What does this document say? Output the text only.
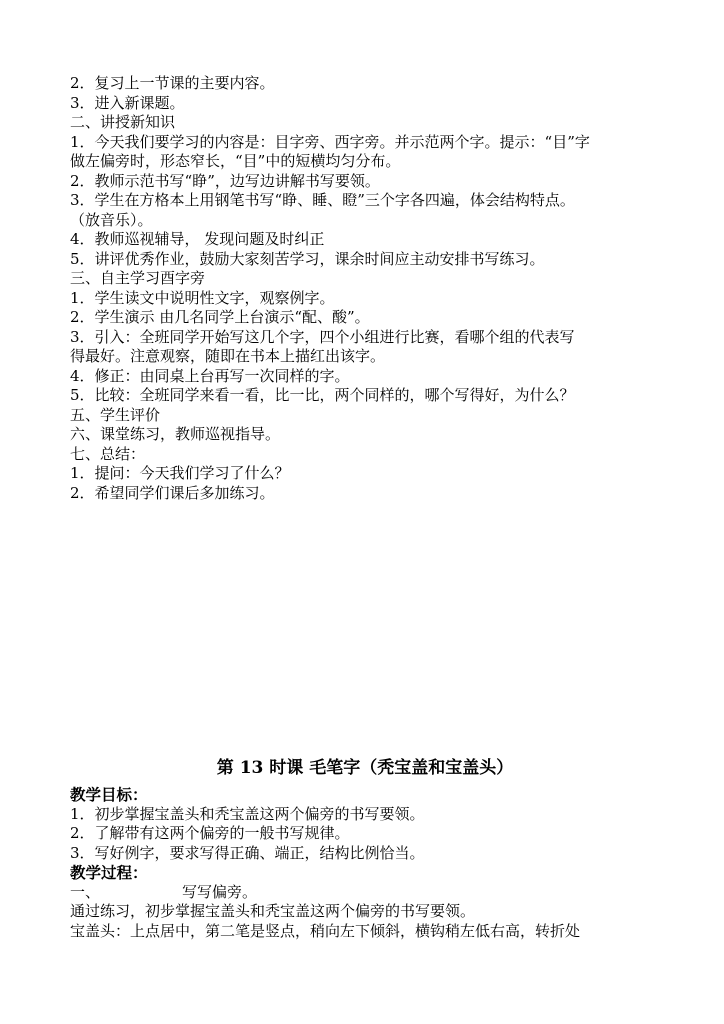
2．复习上一节课的主要内容。

3．进入新课题。

二、讲授新知识

1．今天我们要学习的内容是：目字旁、西字旁。并示范两个字。提示：“目”字

做左偏旁时，形态窄长，“目”中的短横均匀分布。

2．教师示范书写“睁”，边写边讲解书写要领。

3．学生在方格本上用钢笔书写“睁、睡、瞪”三个字各四遍，体会结构特点。

（放音乐）。

4．教师巡视辅导， 发现问题及时纠正

5．讲评优秀作业，鼓励大家刻苦学习，课余时间应主动安排书写练习。

三、自主学习酉字旁

1．学生读文中说明性文字，观察例字。

2．学生演示 由几名同学上台演示“配、酸”。

3．引入：全班同学开始写这几个字，四个小组进行比赛，看哪个组的代表写

得最好。注意观察，随即在书本上描红出该字。

4．修正：由同桌上台再写一次同样的字。

5．比较：全班同学来看一看，比一比，两个同样的，哪个写得好，为什么？

五、学生评价

六、课堂练习，教师巡视指导。

七、总结：

1．提问：今天我们学习了什么？

2．希望同学们课后多加练习。

第 13 时课 毛笔字（秃宝盖和宝盖头）

教学目标：

1．初步掌握宝盖头和秃宝盖这两个偏旁的书写要领。

2．了解带有这两个偏旁的一般书写规律。

3．写好例字，要求写得正确、端正，结构比例恰当。

教学过程：

一、	写写偏旁。

通过练习，初步掌握宝盖头和秃宝盖这两个偏旁的书写要领。

宝盖头：上点居中，第二笔是竖点，稍向左下倾斜，横钩稍左低右高，转折处
